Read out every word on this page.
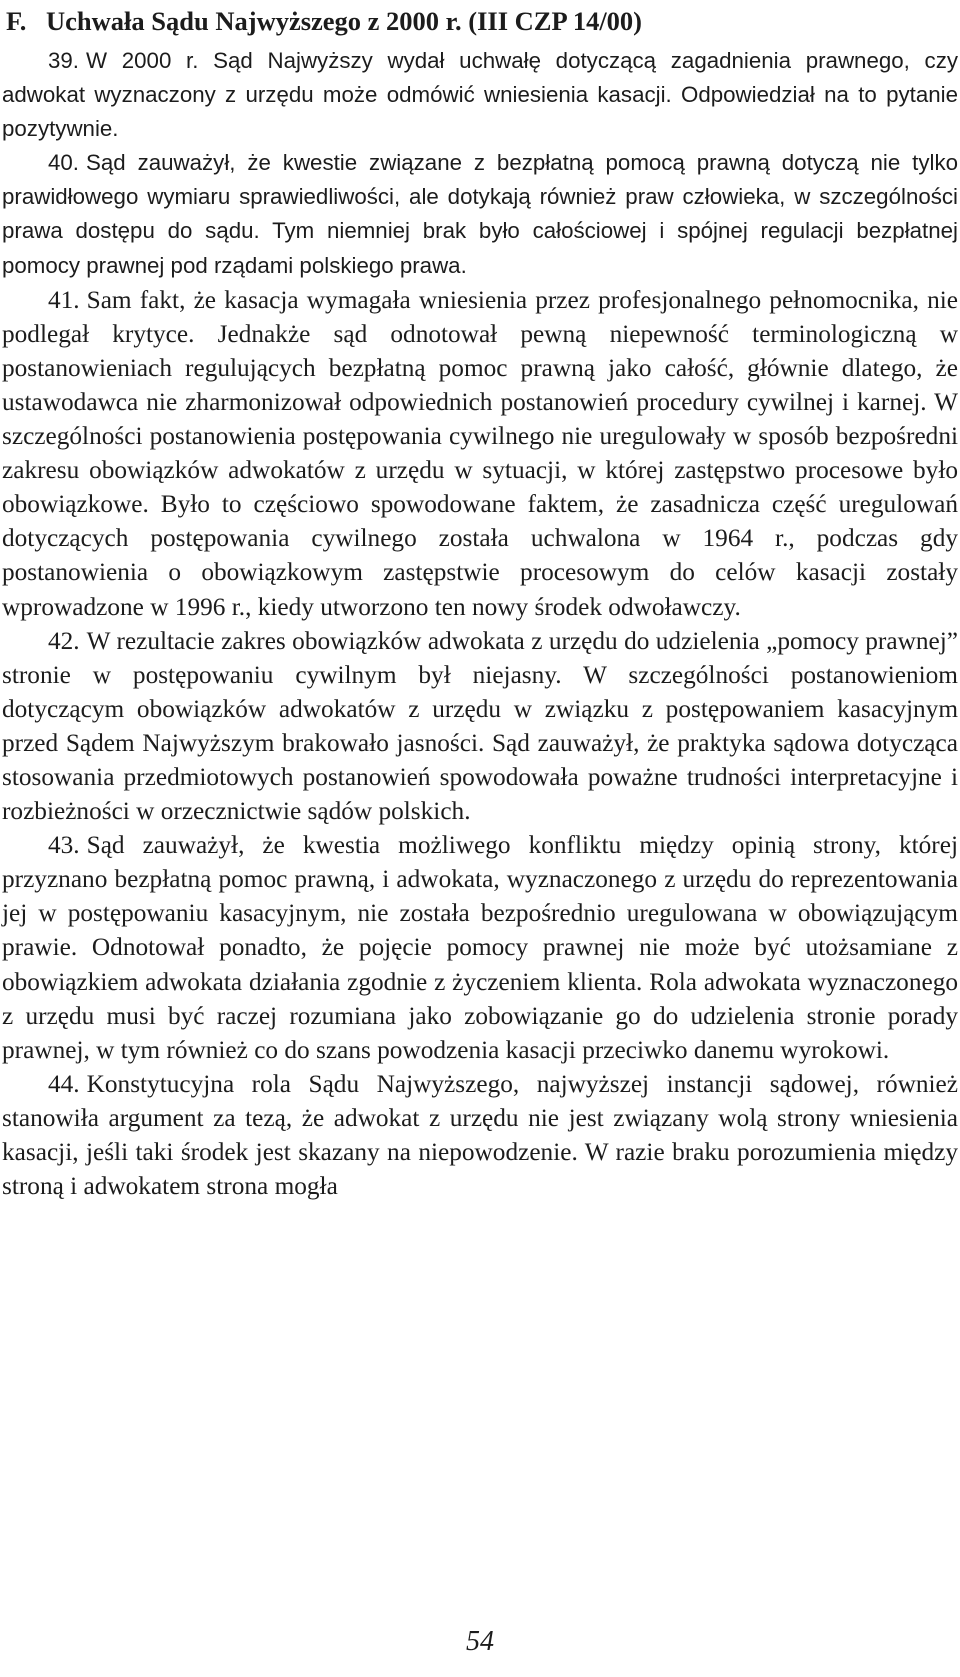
F. Uchwała Sądu Najwyższego z 2000 r. (III CZP 14/00)

39. W 2000 r. Sąd Najwyższy wydał uchwałę dotyczącą zagadnienia prawnego, czy adwokat wyznaczony z urzędu może odmówić wniesienia kasacji. Odpowiedział na to pytanie pozytywnie.

40. Sąd zauważył, że kwestie związane z bezpłatną pomocą prawną dotyczą nie tylko prawidłowego wymiaru sprawiedliwości, ale dotykają również praw człowieka, w szczególności prawa dostępu do sądu. Tym niemniej brak było całościowej i spójnej regulacji bezpłatnej pomocy prawnej pod rządami polskiego prawa.

41. Sam fakt, że kasacja wymagała wniesienia przez profesjonalnego pełnomocnika, nie podlegał krytyce. Jednakże sąd odnotował pewną niepewność terminologiczną w postanowieniach regulujących bezpłatną pomoc prawną jako całość, głównie dlatego, że ustawodawca nie zharmonizował odpowiednich postanowień procedury cywilnej i karnej. W szczególności postanowienia postępowania cywilnego nie uregulowały w sposób bezpośredni zakresu obowiązków adwokatów z urzędu w sytuacji, w której zastępstwo procesowe było obowiązkowe. Było to częściowo spowodowane faktem, że zasadnicza część uregulowań dotyczących postępowania cywilnego została uchwalona w 1964 r., podczas gdy postanowienia o obowiązkowym zastępstwie procesowym do celów kasacji zostały wprowadzone w 1996 r., kiedy utworzono ten nowy środek odwoławczy.

42. W rezultacie zakres obowiązków adwokata z urzędu do udzielenia „pomocy prawnej” stronie w postępowaniu cywilnym był niejasny. W szczególności postanowieniom dotyczącym obowiązków adwokatów z urzędu w związku z postępowaniem kasacyjnym przed Sądem Najwyższym brakowało jasności. Sąd zauważył, że praktyka sądowa dotycząca stosowania przedmiotowych postanowień spowodowała poważne trudności interpretacyjne i rozbieżności w orzecznictwie sądów polskich.

43. Sąd zauważył, że kwestia możliwego konfliktu między opinią strony, której przyznano bezpłatną pomoc prawną, i adwokata, wyznaczonego z urzędu do reprezentowania jej w postępowaniu kasacyjnym, nie została bezpośrednio uregulowana w obowiązującym prawie. Odnotował ponadto, że pojęcie pomocy prawnej nie może być utożsamiane z obowiązkiem adwokata działania zgodnie z życzeniem klienta. Rola adwokata wyznaczonego z urzędu musi być raczej rozumiana jako zobowiązanie go do udzielenia stronie porady prawnej, w tym również co do szans powodzenia kasacji przeciwko danemu wyrokowi.

44. Konstytucyjna rola Sądu Najwyższego, najwyższej instancji sądowej, również stanowiła argument za tezą, że adwokat z urzędu nie jest związany wolą strony wniesienia kasacji, jeśli taki środek jest skazany na niepowodzenie. W razie braku porozumienia między stroną i adwokatem strona mogła

54
